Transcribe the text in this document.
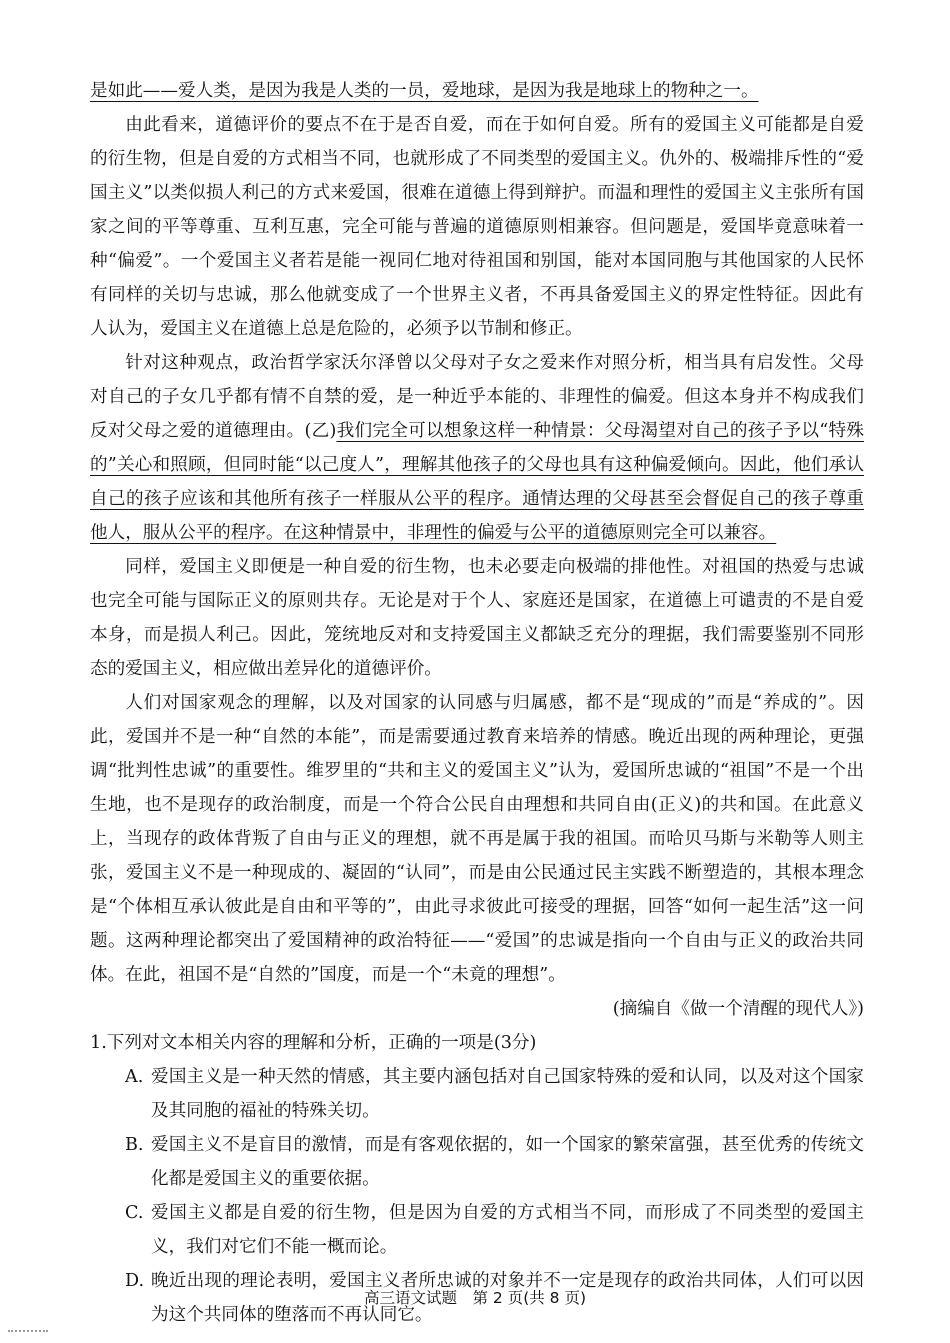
是如此——爱人类，是因为我是人类的一员，爱地球，是因为我是地球上的物种之一。

由此看来，道德评价的要点不在于是否自爱，而在于如何自爱。所有的爱国主义可能都是自爱的衍生物，但是自爱的方式相当不同，也就形成了不同类型的爱国主义。仇外的、极端排斥性的“爱国主义”以类似损人利己的方式来爱国，很难在道德上得到辩护。而温和理性的爱国主义主张所有国家之间的平等尊重、互利互惠，完全可能与普遍的道德原则相兼容。但问题是，爱国毕竟意味着一种“偏爱”。一个爱国主义者若是能一视同仁地对待祖国和别国，能对本国同胞与其他国家的人民怀有同样的关切与忠诚，那么他就变成了一个世界主义者，不再具备爱国主义的界定性特征。因此有人认为，爱国主义在道德上总是危险的，必须予以节制和修正。

针对这种观点，政治哲学家沃尔泽曾以父母对子女之爱来作对照分析，相当具有启发性。父母对自己的子女几乎都有情不自禁的爱，是一种近乎本能的、非理性的偏爱。但这本身并不构成我们反对父母之爱的道德理由。(乙)我们完全可以想象这样一种情景：父母渴望对自己的孩子予以“特殊的”关心和照顾，但同时能“以己度人”，理解其他孩子的父母也具有这种偏爱倾向。因此，他们承认自己的孩子应该和其他所有孩子一样服从公平的程序。通情达理的父母甚至会督促自己的孩子尊重他人，服从公平的程序。在这种情景中，非理性的偏爱与公平的道德原则完全可以兼容。

同样，爱国主义即便是一种自爱的衍生物，也未必要走向极端的排他性。对祖国的热爱与忠诚也完全可能与国际正义的原则共存。无论是对于个人、家庭还是国家，在道德上可谴责的不是自爱本身，而是损人利己。因此，笼统地反对和支持爱国主义都缺乏充分的理据，我们需要鉴别不同形态的爱国主义，相应做出差异化的道德评价。

人们对国家观念的理解，以及对国家的认同感与归属感，都不是“现成的”而是“养成的”。因此，爱国并不是一种“自然的本能”，而是需要通过教育来培养的情感。晚近出现的两种理论，更强调“批判性忠诚”的重要性。维罗里的“共和主义的爱国主义”认为，爱国所忠诚的“祖国”不是一个出生地，也不是现存的政治制度，而是一个符合公民自由理想和共同自由(正义)的共和国。在此意义上，当现存的政体背叛了自由与正义的理想，就不再是属于我的祖国。而哈贝马斯与米勒等人则主张，爱国主义不是一种现成的、凝固的“认同”，而是由公民通过民主实践不断塑造的，其根本理念是“个体相互承认彼此是自由和平等的”，由此寻求彼此可接受的理据，回答“如何一起生活”这一问题。这两种理论都突出了爱国精神的政治特征——“爱国”的忠诚是指向一个自由与正义的政治共同体。在此，祖国不是“自然的”国度，而是一个“未竟的理想”。

(摘编自《做一个清醒的现代人》)

1.下列对文本相关内容的理解和分析，正确的一项是(3分)

A. 爱国主义是一种天然的情感，其主要内涵包括对自己国家特殊的爱和认同，以及对这个国家及其同胞的福祉的特殊关切。
B. 爱国主义不是盲目的激情，而是有客观依据的，如一个国家的繁荣富强，甚至优秀的传统文化都是爱国主义的重要依据。
C. 爱国主义都是自爱的衍生物，但是因为自爱的方式相当不同，而形成了不同类型的爱国主义，我们对它们不能一概而论。
D. 晚近出现的理论表明，爱国主义者所忠诚的对象并不一定是现存的政治共同体，人们可以因为这个共同体的堕落而不再认同它。
高三语文试题　第 2 页(共 8 页)
